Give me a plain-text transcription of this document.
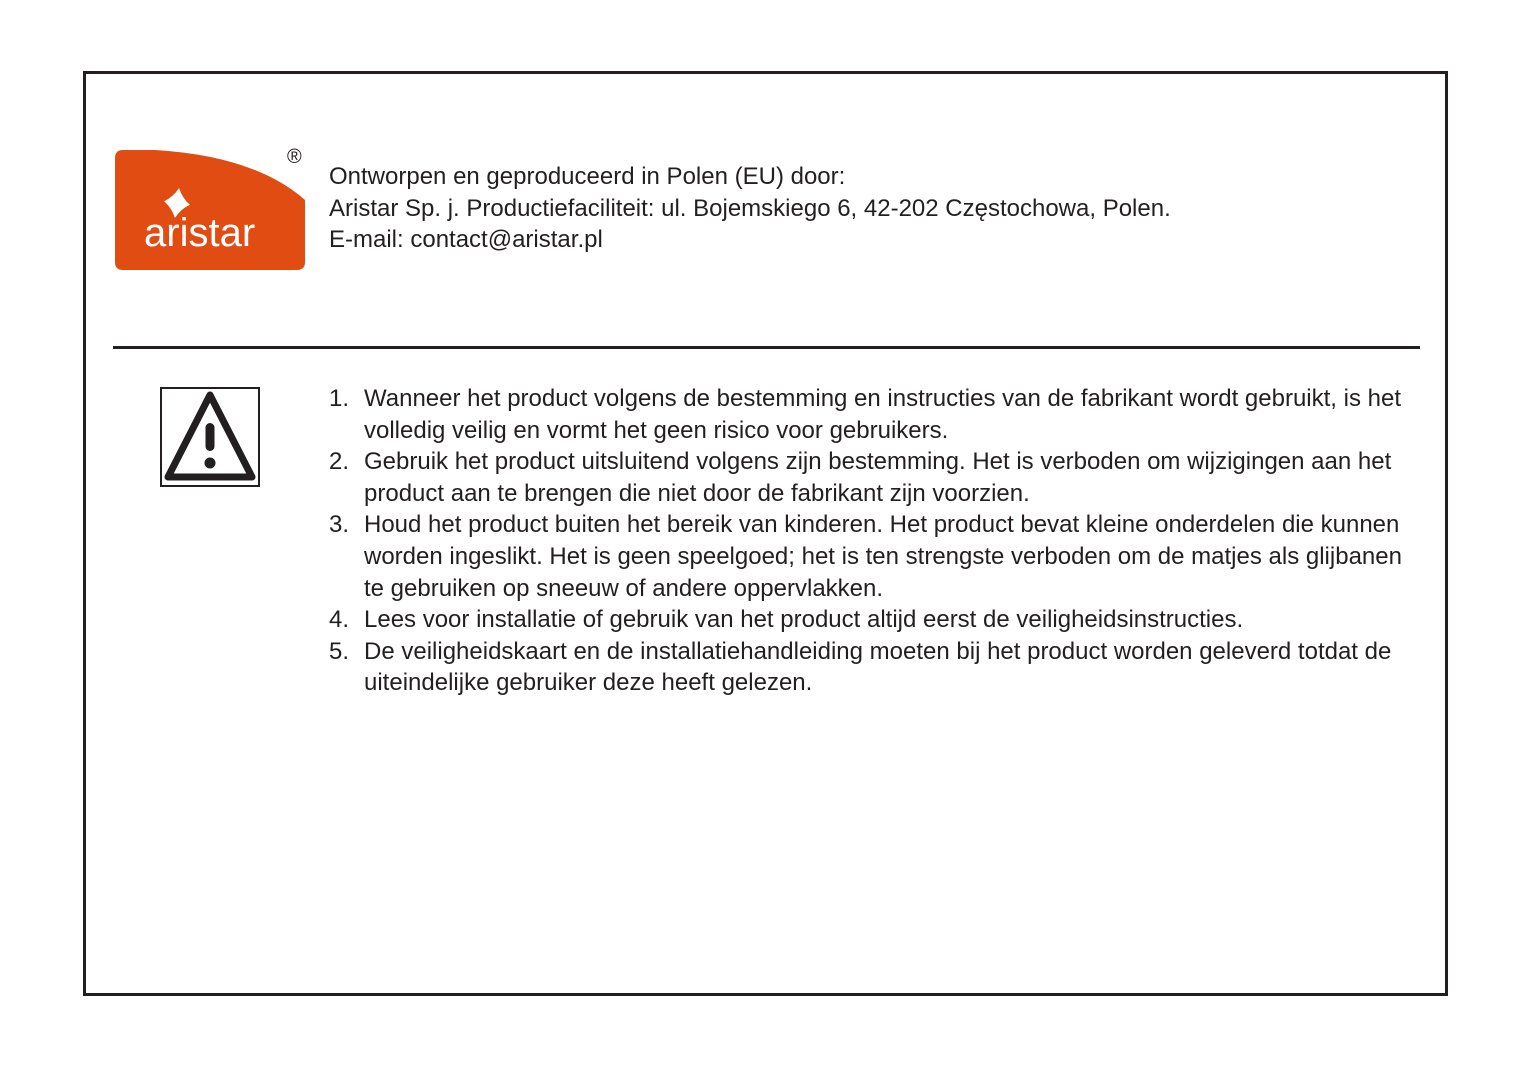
aristar
®
Ontworpen en geproduceerd in Polen (EU) door:
Aristar Sp. j. Productiefaciliteit: ul. Bojemskiego 6, 42-202 Częstochowa, Polen.
E-mail: contact@aristar.pl
1. Wanneer het product volgens de bestemming en instructies van de fabrikant wordt gebruikt, is het volledig veilig en vormt het geen risico voor gebruikers.
2. Gebruik het product uitsluitend volgens zijn bestemming. Het is verboden om wijzigingen aan het product aan te brengen die niet door de fabrikant zijn voorzien.
3. Houd het product buiten het bereik van kinderen. Het product bevat kleine onderdelen die kunnen worden ingeslikt. Het is geen speelgoed; het is ten strengste verboden om de matjes als glijbanen te gebruiken op sneeuw of andere oppervlakken.
4. Lees voor installatie of gebruik van het product altijd eerst de veiligheidsinstructies.
5. De veiligheidskaart en de installatiehandleiding moeten bij het product worden geleverd totdat de uiteindelijke gebruiker deze heeft gelezen.
